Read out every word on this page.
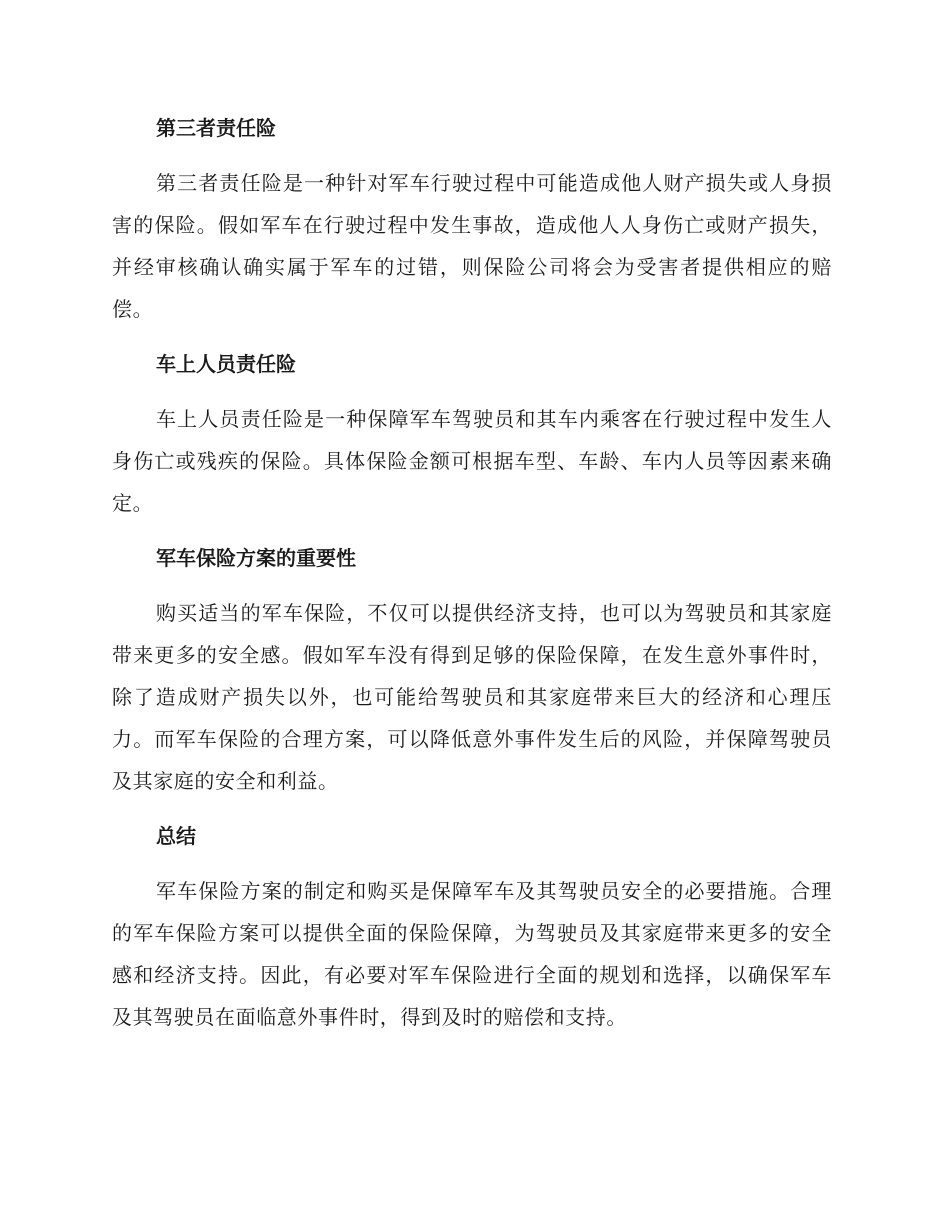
第三者责任险

第三者责任险是一种针对军车行驶过程中可能造成他人财产损失或人身损害的保险。假如军车在行驶过程中发生事故，造成他人人身伤亡或财产损失，并经审核确认确实属于军车的过错，则保险公司将会为受害者提供相应的赔偿。

车上人员责任险

车上人员责任险是一种保障军车驾驶员和其车内乘客在行驶过程中发生人身伤亡或残疾的保险。具体保险金额可根据车型、车龄、车内人员等因素来确定。

军车保险方案的重要性

购买适当的军车保险，不仅可以提供经济支持，也可以为驾驶员和其家庭带来更多的安全感。假如军车没有得到足够的保险保障，在发生意外事件时，除了造成财产损失以外，也可能给驾驶员和其家庭带来巨大的经济和心理压力。而军车保险的合理方案，可以降低意外事件发生后的风险，并保障驾驶员及其家庭的安全和利益。

总结

军车保险方案的制定和购买是保障军车及其驾驶员安全的必要措施。合理的军车保险方案可以提供全面的保险保障，为驾驶员及其家庭带来更多的安全感和经济支持。因此，有必要对军车保险进行全面的规划和选择，以确保军车及其驾驶员在面临意外事件时，得到及时的赔偿和支持。
